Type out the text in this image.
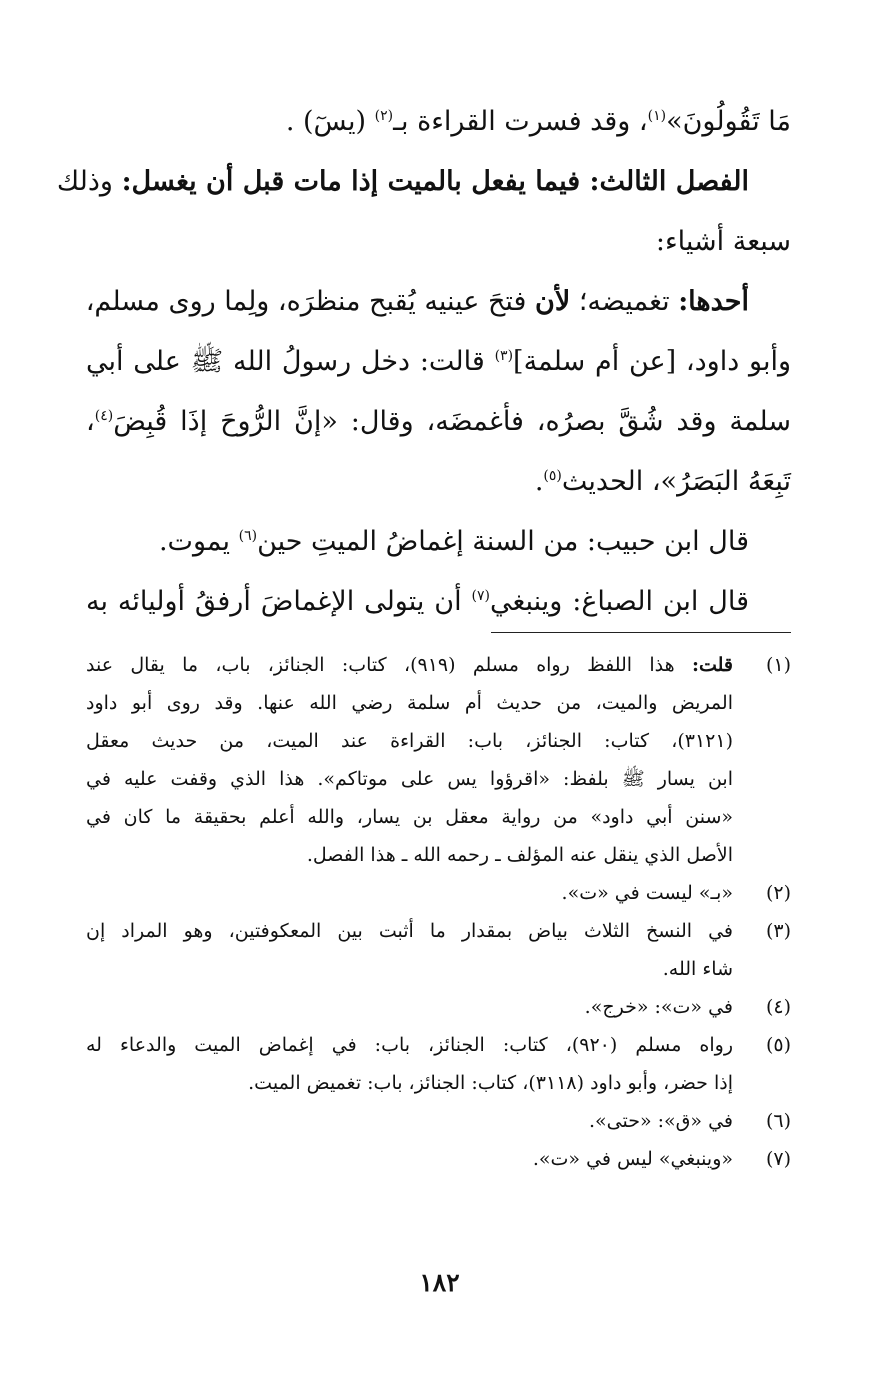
مَا تَقُولُونَ»$^{(١)}$، وقد فسرت القراءة بـ$^{(٢)}$ (يسٓ) .
الفصل الثالث: فيما يفعل بالميت إذا مات قبل أن يغسل: وذلك
سبعة أشياء:
أحدها: تغميضه؛ لأن فتحَ عينيه يُقبح منظرَه، ولِما روى مسلم،
وأبو داود، [عن أم سلمة]$^{(٣)}$ قالت: دخل رسولُ الله ﷺ على أبي
سلمة وقد شُقَّ بصرُه، فأغمضَه، وقال: «إنَّ الرُّوحَ إذَا قُبِضَ$^{(٤)}$،
تَبِعَهُ البَصَرُ»، الحديث$^{(٥)}$.
قال ابن حبيب: من السنة إغماضُ الميتِ حين$^{(٦)}$ يموت.
قال ابن الصباغ: وينبغي$^{(٧)}$ أن يتولى الإغماضَ أرفقُ أوليائه به
(١)
قلت: هذا اللفظ رواه مسلم (٩١٩)، كتاب: الجنائز، باب، ما يقال عند
المريض والميت، من حديث أم سلمة رضي الله عنها. وقد روى أبو داود
(٣١٢١)، كتاب: الجنائز، باب: القراءة عند الميت، من حديث معقل
ابن يسار ﷺ بلفظ: «اقرؤوا يس على موتاكم». هذا الذي وقفت عليه في
«سنن أبي داود» من رواية معقل بن يسار، والله أعلم بحقيقة ما كان في
الأصل الذي ينقل عنه المؤلف ـ رحمه الله ـ هذا الفصل.
(٢)
«بـ» ليست في «ت».
(٣)
في النسخ الثلاث بياض بمقدار ما أثبت بين المعكوفتين، وهو المراد إن
شاء الله.
(٤)
في «ت»: «خرج».
(٥)
رواه مسلم (٩٢٠)، كتاب: الجنائز، باب: في إغماض الميت والدعاء له
إذا حضر، وأبو داود (٣١١٨)، كتاب: الجنائز، باب: تغميض الميت.
(٦)
في «ق»: «حتى».
(٧)
«وينبغي» ليس في «ت».
١٨٢
